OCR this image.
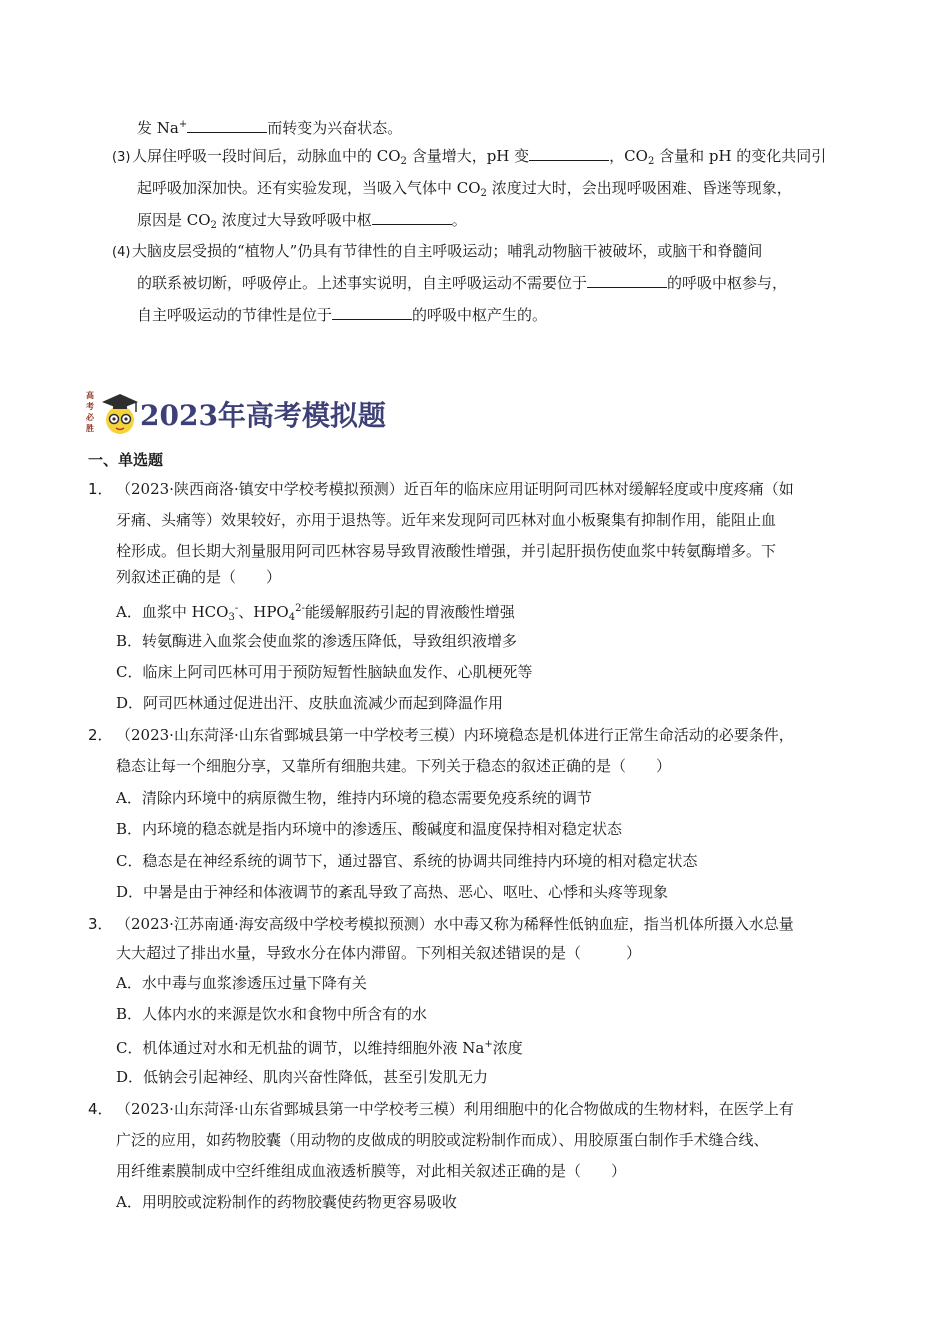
发 Na+	而转变为兴奋状态。
(3) 人屏住呼吸一段时间后，动脉血中的 $CO_2$ 含量增大，pH 变	，$CO_2$ 含量和 pH 的变化共同引
起呼吸加深加快。还有实验发现，当吸入气体中 $CO_2$ 浓度过大时，会出现呼吸困难、昏迷等现象，
原因是 $CO_2$ 浓度过大导致呼吸中枢	。
(4) 大脑皮层受损的“植物人”仍具有节律性的自主呼吸运动；哺乳动物脑干被破坏，或脑干和脊髓间
的联系被切断，呼吸停止。上述事实说明，自主呼吸运动不需要位于	的呼吸中枢参与，
自主呼吸运动的节律性是位于	的呼吸中枢产生的。
高考必胜 2023年高考模拟题
一、单选题
1． （2023·陕西商洛·镇安中学校考模拟预测）近百年的临床应用证明阿司匹林对缓解轻度或中度疼痛（如
牙痛、头痛等）效果较好，亦用于退热等。近年来发现阿司匹林对血小板聚集有抑制作用，能阻止血
栓形成。但长期大剂量服用阿司匹林容易导致胃液酸性增强，并引起肝损伤使血浆中转氨酶增多。下
列叙述正确的是（　　）
A．血浆中 $HCO_3^-$、$HPO_4^{2-}$能缓解服药引起的胃液酸性增强
B．转氨酶进入血浆会使血浆的渗透压降低，导致组织液增多
C．临床上阿司匹林可用于预防短暂性脑缺血发作、心肌梗死等
D．阿司匹林通过促进出汗、皮肤血流减少而起到降温作用
2． （2023·山东菏泽·山东省鄄城县第一中学校考三模）内环境稳态是机体进行正常生命活动的必要条件，
稳态让每一个细胞分享，又靠所有细胞共建。下列关于稳态的叙述正确的是（　　）
A．清除内环境中的病原微生物，维持内环境的稳态需要免疫系统的调节
B．内环境的稳态就是指内环境中的渗透压、酸碱度和温度保持相对稳定状态
C．稳态是在神经系统的调节下，通过器官、系统的协调共同维持内环境的相对稳定状态
D．中暑是由于神经和体液调节的紊乱导致了高热、恶心、呕吐、心悸和头疼等现象
3． （2023·江苏南通·海安高级中学校考模拟预测）水中毒又称为稀释性低钠血症，指当机体所摄入水总量
大大超过了排出水量，导致水分在体内滞留。下列相关叙述错误的是（　　　）
A．水中毒与血浆渗透压过量下降有关
B．人体内水的来源是饮水和食物中所含有的水
C．机体通过对水和无机盐的调节，以维持细胞外液 Na+浓度
4． （2023·山东菏泽·山东省鄄城县第一中学校考三模）利用细胞中的化合物做成的生物材料，在医学上有
广泛的应用，如药物胶囊（用动物的皮做成的明胶或淀粉制作而成）、用胶原蛋白制作手术缝合线、
用纤维素膜制成中空纤维组成血液透析膜等，对此相关叙述正确的是（　　）
A．用明胶或淀粉制作的药物胶囊使药物更容易吸收
D．低钠会引起神经、肌肉兴奋性降低，甚至引发肌无力
